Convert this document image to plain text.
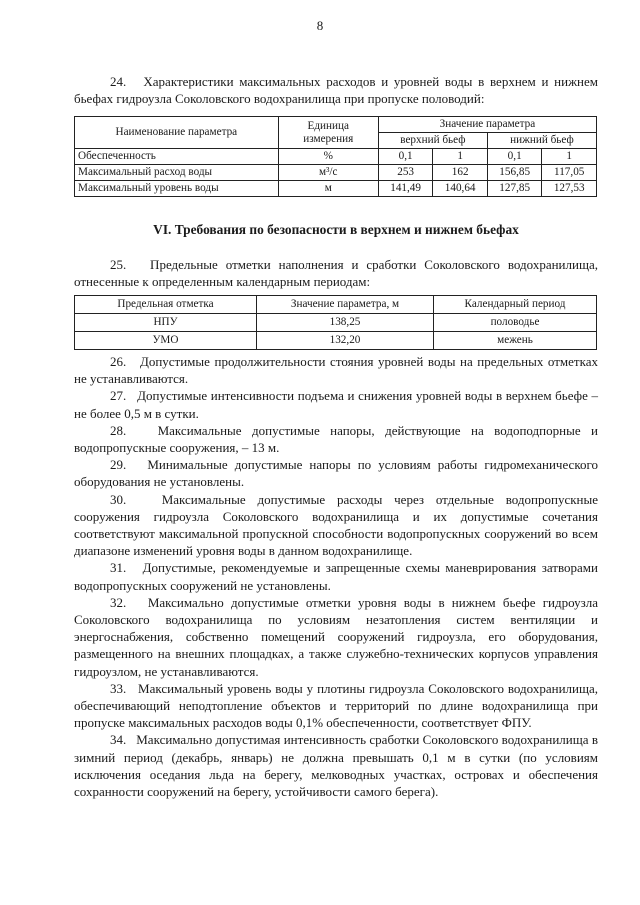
8

24.   Характеристики максимальных расходов и уровней воды в верхнем и нижнем бьефах гидроузла Соколовского водохранилища при пропуске половодий:

Наименование параметра	Единица измерения	Значение параметра			
		верхний бьеф		нижний бьеф	
Обеспеченность	%	0,1	1	0,1	1
Максимальный расход воды	м³/с	253	162	156,85	117,05
Максимальный уровень воды	м	141,49	140,64	127,85	127,53
VI. Требования по безопасности в верхнем и нижнем бьефах

25.   Предельные отметки наполнения и сработки Соколовского водохранилища, отнесенные к определенным календарным периодам:

Предельная отметка	Значение параметра, м	Календарный период
НПУ	138,25	половодье
УМО	132,20	межень

26.   Допустимые продолжительности стояния уровней воды на предельных отметках не устанавливаются.

27.   Допустимые интенсивности подъема и снижения уровней воды в верхнем бьефе – не более 0,5 м в сутки.

28.   Максимальные допустимые напоры, действующие на водоподпорные и водопропускные сооружения, – 13 м.

29.   Минимальные допустимые напоры по условиям работы гидромеханического оборудования не установлены.

30.   Максимальные допустимые расходы через отдельные водопропускные сооружения гидроузла Соколовского водохранилища и их допустимые сочетания соответствуют максимальной пропускной способности водопропускных сооружений во всем диапазоне изменений уровня воды в данном водохранилище.

31.   Допустимые, рекомендуемые и запрещенные схемы маневрирования затворами водопропускных сооружений не установлены.

32.   Максимально допустимые отметки уровня воды в нижнем бьефе гидроузла Соколовского водохранилища по условиям незатопления систем вентиляции и энергоснабжения, собственно помещений сооружений гидроузла, его оборудования, размещенного на внешних площадках, а также служебно-технических корпусов управления гидроузлом, не устанавливаются.

33.   Максимальный уровень воды у плотины гидроузла Соколовского водохранилища, обеспечивающий неподтопление объектов и территорий по длине водохранилища при пропуске максимальных расходов воды 0,1% обеспеченности, соответствует ФПУ.

34.   Максимально допустимая интенсивность сработки Соколовского водохранилища в зимний период (декабрь, январь) не должна превышать 0,1 м в сутки (по условиям исключения оседания льда на берегу, мелководных участках, островах и обеспечения сохранности сооружений на берегу, устойчивости самого берега).
